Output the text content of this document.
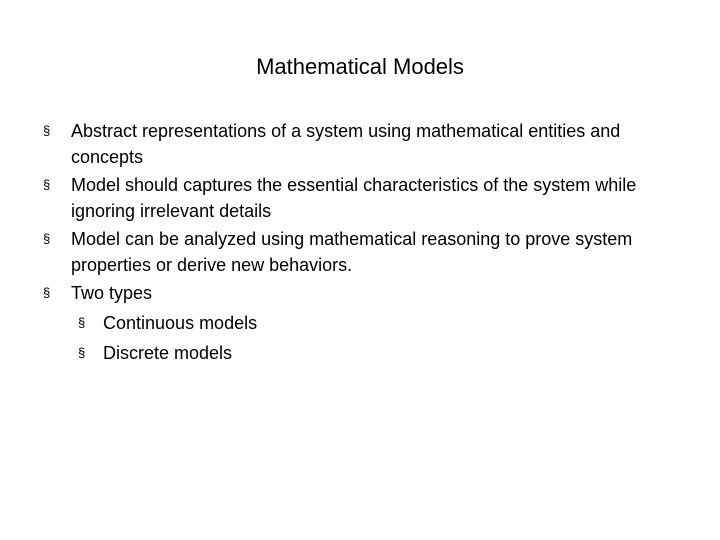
Mathematical Models
§ Abstract representations of a system using mathematical entities and concepts
§ Model should captures the essential characteristics of the system while ignoring irrelevant details
§ Model can be analyzed using mathematical reasoning to prove system properties or derive new behaviors.
§ Two types
§ Continuous models
§ Discrete models
